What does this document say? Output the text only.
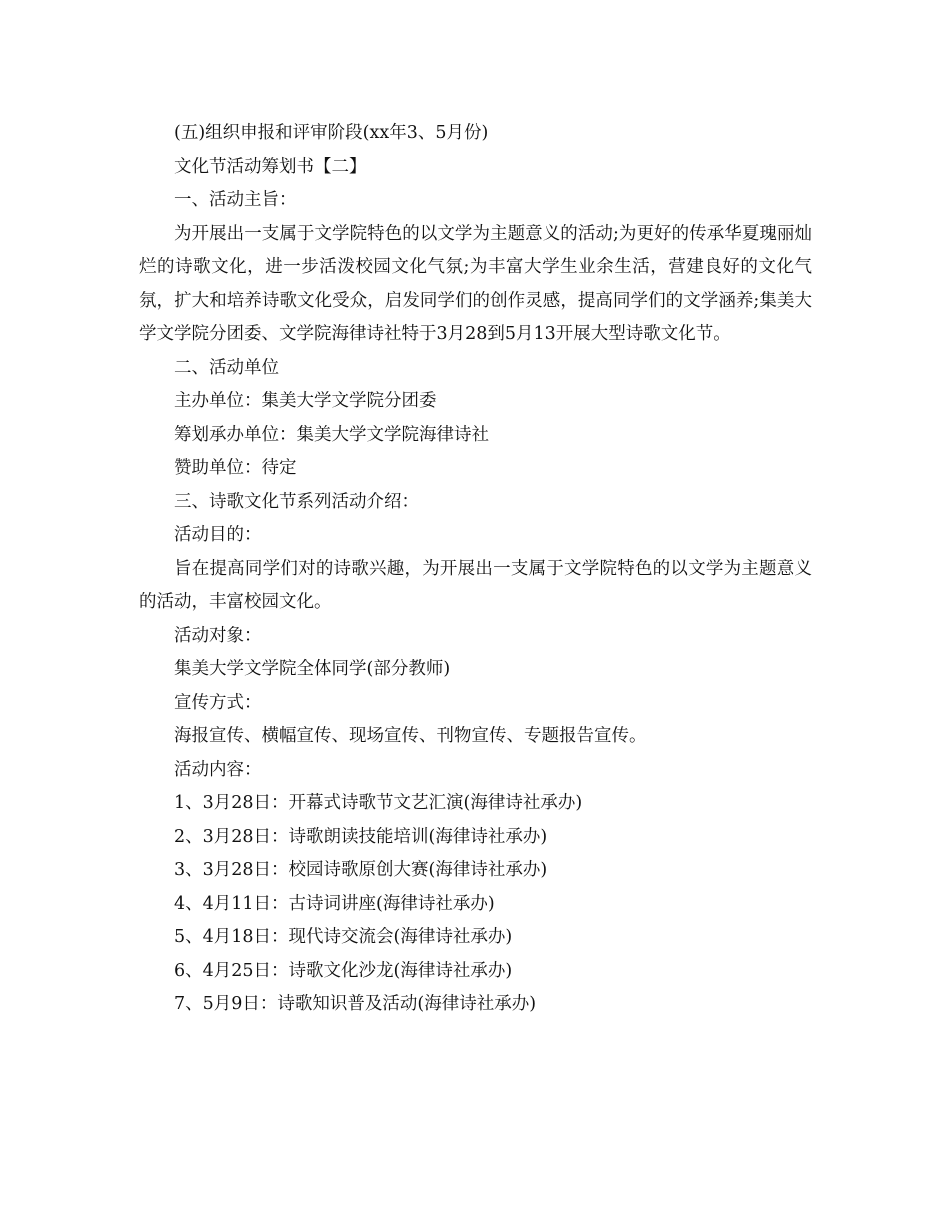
(五)组织申报和评审阶段(xx年3、5月份)

文化节活动筹划书【二】

一、活动主旨：

为开展出一支属于文学院特色的以文学为主题意义的活动;为更好的传承华夏瑰丽灿烂的诗歌文化，进一步活泼校园文化气氛;为丰富大学生业余生活，营建良好的文化气氛，扩大和培养诗歌文化受众，启发同学们的创作灵感，提高同学们的文学涵养;集美大学文学院分团委、文学院海律诗社特于3月28到5月13开展大型诗歌文化节。

二、活动单位

主办单位：集美大学文学院分团委

筹划承办单位：集美大学文学院海律诗社

赞助单位：待定

三、诗歌文化节系列活动介绍：

活动目的：

旨在提高同学们对的诗歌兴趣，为开展出一支属于文学院特色的以文学为主题意义的活动，丰富校园文化。

活动对象：

集美大学文学院全体同学(部分教师)

宣传方式：

海报宣传、横幅宣传、现场宣传、刊物宣传、专题报告宣传。

活动内容：

1、3月28日：开幕式诗歌节文艺汇演(海律诗社承办)

2、3月28日：诗歌朗读技能培训(海律诗社承办)

3、3月28日：校园诗歌原创大赛(海律诗社承办)

4、4月11日：古诗词讲座(海律诗社承办)

5、4月18日：现代诗交流会(海律诗社承办)

6、4月25日：诗歌文化沙龙(海律诗社承办)

7、5月9日：诗歌知识普及活动(海律诗社承办)
